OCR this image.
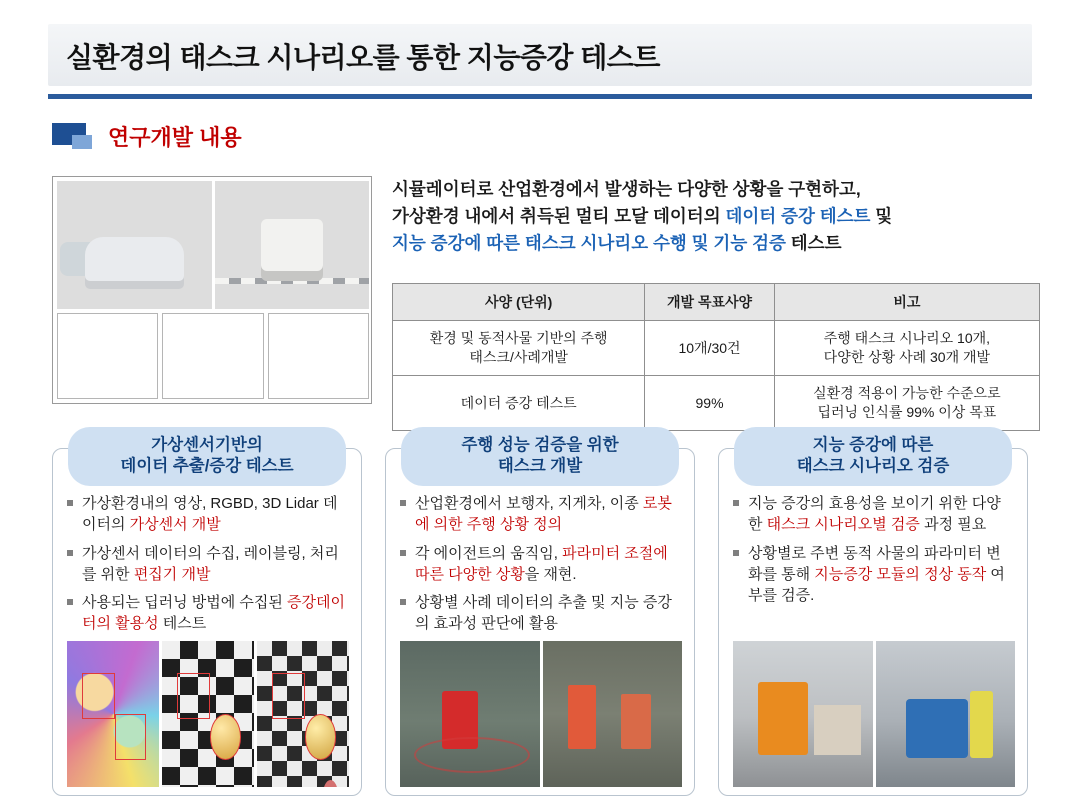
실환경의 태스크 시나리오를 통한 지능증강 테스트
연구개발 내용
시뮬레이터로 산업환경에서 발생하는 다양한 상황을 구현하고,
가상환경 내에서 취득된 멀티 모달 데이터의 데이터 증강 테스트 및
지능 증강에 따른 태스크 시나리오 수행 및 기능 검증 테스트
사양 (단위)	개발 목표사양	비고
환경 및 동적사물 기반의 주행
태스크/사례개발	10개/30건	주행 태스크 시나리오 10개,
다양한 상황 사례 30개 개발
데이터 증강 테스트	99%	실환경 적용이 가능한 수준으로
딥러닝 인식률 99% 이상 목표
가상센서기반의
데이터 추출/증강 테스트
가상환경내의 영상, RGBD, 3D Lidar 데이터의 가상센서 개발
가상센서 데이터의 수집, 레이블링, 처리를 위한 편집기 개발
사용되는 딥러닝 방법에 수집된 증강데이터의 활용성 테스트
주행 성능 검증을 위한
태스크 개발
산업환경에서 보행자, 지게차, 이종 로봇에 의한 주행 상황 정의
각 에이전트의 움직임, 파라미터 조절에 따른 다양한 상황을 재현.
상황별 사례 데이터의 추출 및 지능 증강의 효과성 판단에 활용
지능 증강에 따른
태스크 시나리오 검증
지능 증강의 효용성을 보이기 위한 다양한 태스크 시나리오별 검증 과정 필요
상황별로 주변 동적 사물의 파라미터 변화를 통해 지능증강 모듈의 정상 동작 여부를 검증.
